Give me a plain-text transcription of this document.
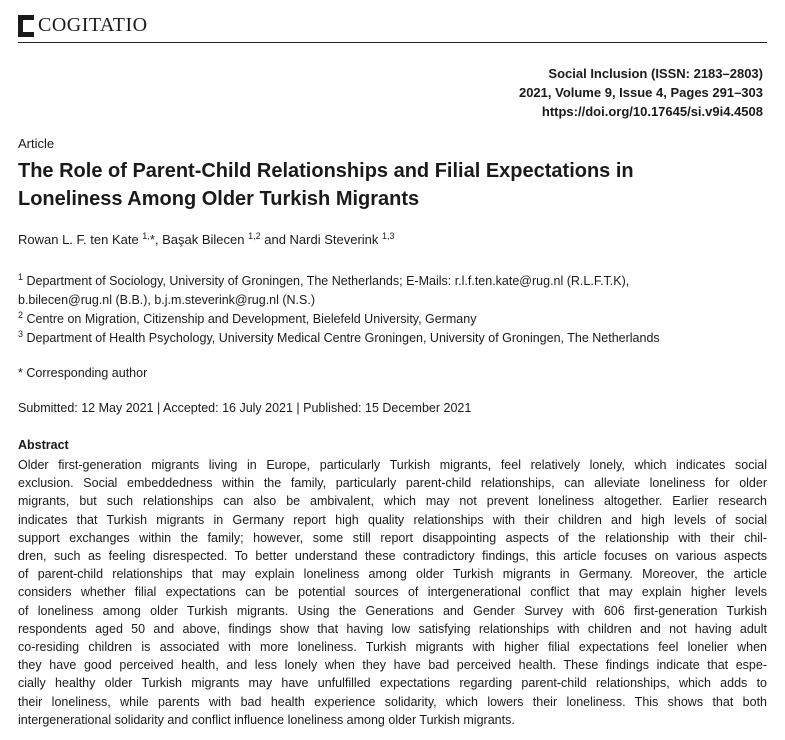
COGITATIO
Social Inclusion (ISSN: 2183–2803)
2021, Volume 9, Issue 4, Pages 291–303
https://doi.org/10.17645/si.v9i4.4508
Article
The Role of Parent-Child Relationships and Filial Expectations in
Loneliness Among Older Turkish Migrants
Rowan L. F. ten Kate $^{1,}$*, Başak Bilecen $^{1,2}$ and Nardi Steverink $^{1,3}$
$^1$ Department of Sociology, University of Groningen, The Netherlands; E-Mails: r.l.f.ten.kate@rug.nl (R.L.F.T.K),
b.bilecen@rug.nl (B.B.), b.j.m.steverink@rug.nl (N.S.)
$^2$ Centre on Migration, Citizenship and Development, Bielefeld University, Germany
$^3$ Department of Health Psychology, University Medical Centre Groningen, University of Groningen, The Netherlands
* Corresponding author
Submitted: 12 May 2021 | Accepted: 16 July 2021 | Published: 15 December 2021
Abstract
Older first-generation migrants living in Europe, particularly Turkish migrants, feel relatively lonely, which indicates social
exclusion. Social embeddedness within the family, particularly parent-child relationships, can alleviate loneliness for older
migrants, but such relationships can also be ambivalent, which may not prevent loneliness altogether. Earlier research
indicates that Turkish migrants in Germany report high quality relationships with their children and high levels of social
support exchanges within the family; however, some still report disappointing aspects of the relationship with their chil-
dren, such as feeling disrespected. To better understand these contradictory findings, this article focuses on various aspects
of parent-child relationships that may explain loneliness among older Turkish migrants in Germany. Moreover, the article
considers whether filial expectations can be potential sources of intergenerational conflict that may explain higher levels
of loneliness among older Turkish migrants. Using the Generations and Gender Survey with 606 first-generation Turkish
respondents aged 50 and above, findings show that having low satisfying relationships with children and not having adult
co-residing children is associated with more loneliness. Turkish migrants with higher filial expectations feel lonelier when
they have good perceived health, and less lonely when they have bad perceived health. These findings indicate that espe-
cially healthy older Turkish migrants may have unfulfilled expectations regarding parent-child relationships, which adds to
their loneliness, while parents with bad health experience solidarity, which lowers their loneliness. This shows that both
intergenerational solidarity and conflict influence loneliness among older Turkish migrants.
